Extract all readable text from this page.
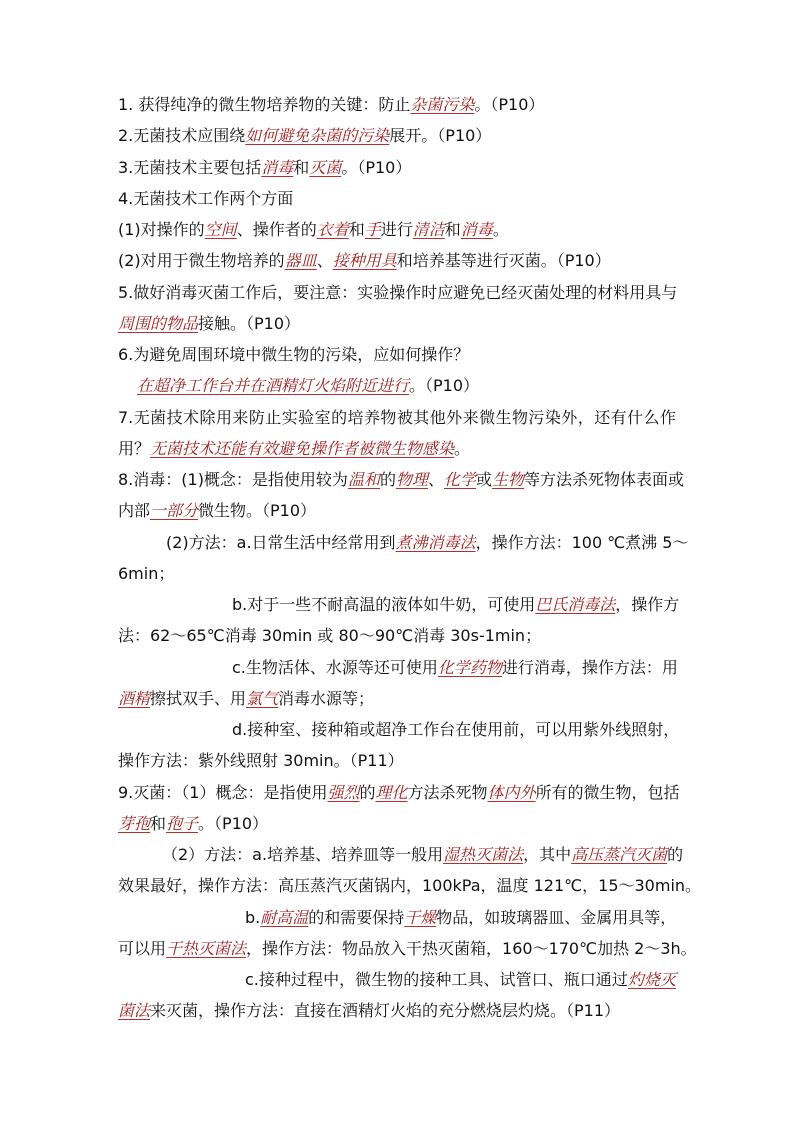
1. 获得纯净的微生物培养物的关键：防止杂菌污染。（P10）

2.无菌技术应围绕如何避免杂菌的污染展开。（P10）

3.无菌技术主要包括消毒和灭菌。（P10）

4.无菌技术工作两个方面

(1)对操作的空间、操作者的衣着和手进行清洁和消毒。

(2)对用于微生物培养的器皿、接种用具和培养基等进行灭菌。（P10）

5.做好消毒灭菌工作后，要注意：实验操作时应避免已经灭菌处理的材料用具与

周围的物品接触。（P10）

6.为避免周围环境中微生物的污染，应如何操作？

在超净工作台并在酒精灯火焰附近进行。（P10）

7.无菌技术除用来防止实验室的培养物被其他外来微生物污染外，还有什么作

用？无菌技术还能有效避免操作者被微生物感染。

8.消毒：(1)概念：是指使用较为温和的物理、化学或生物等方法杀死物体表面或

内部一部分微生物。（P10）

(2)方法：a.日常生活中经常用到煮沸消毒法，操作方法：100 ℃煮沸 5～

6min；

b.对于一些不耐高温的液体如牛奶，可使用巴氏消毒法，操作方

法：62～65℃消毒 30min 或 80～90℃消毒 30s-1min；

c.生物活体、水源等还可使用化学药物进行消毒，操作方法：用

酒精擦拭双手、用氯气消毒水源等；

d.接种室、接种箱或超净工作台在使用前，可以用紫外线照射，

操作方法：紫外线照射 30min。（P11）

9.灭菌：（1）概念：是指使用强烈的理化方法杀死物体内外所有的微生物，包括

芽孢和孢子。（P10）

（2）方法：a.培养基、培养皿等一般用湿热灭菌法，其中高压蒸汽灭菌的

效果最好，操作方法：高压蒸汽灭菌锅内，100kPa，温度 121℃，15～30min。

b.耐高温的和需要保持干燥物品，如玻璃器皿、金属用具等，

可以用干热灭菌法，操作方法：物品放入干热灭菌箱，160～170℃加热 2～3h。

c.接种过程中，微生物的接种工具、试管口、瓶口通过灼烧灭

菌法来灭菌，操作方法：直接在酒精灯火焰的充分燃烧层灼烧。（P11）
